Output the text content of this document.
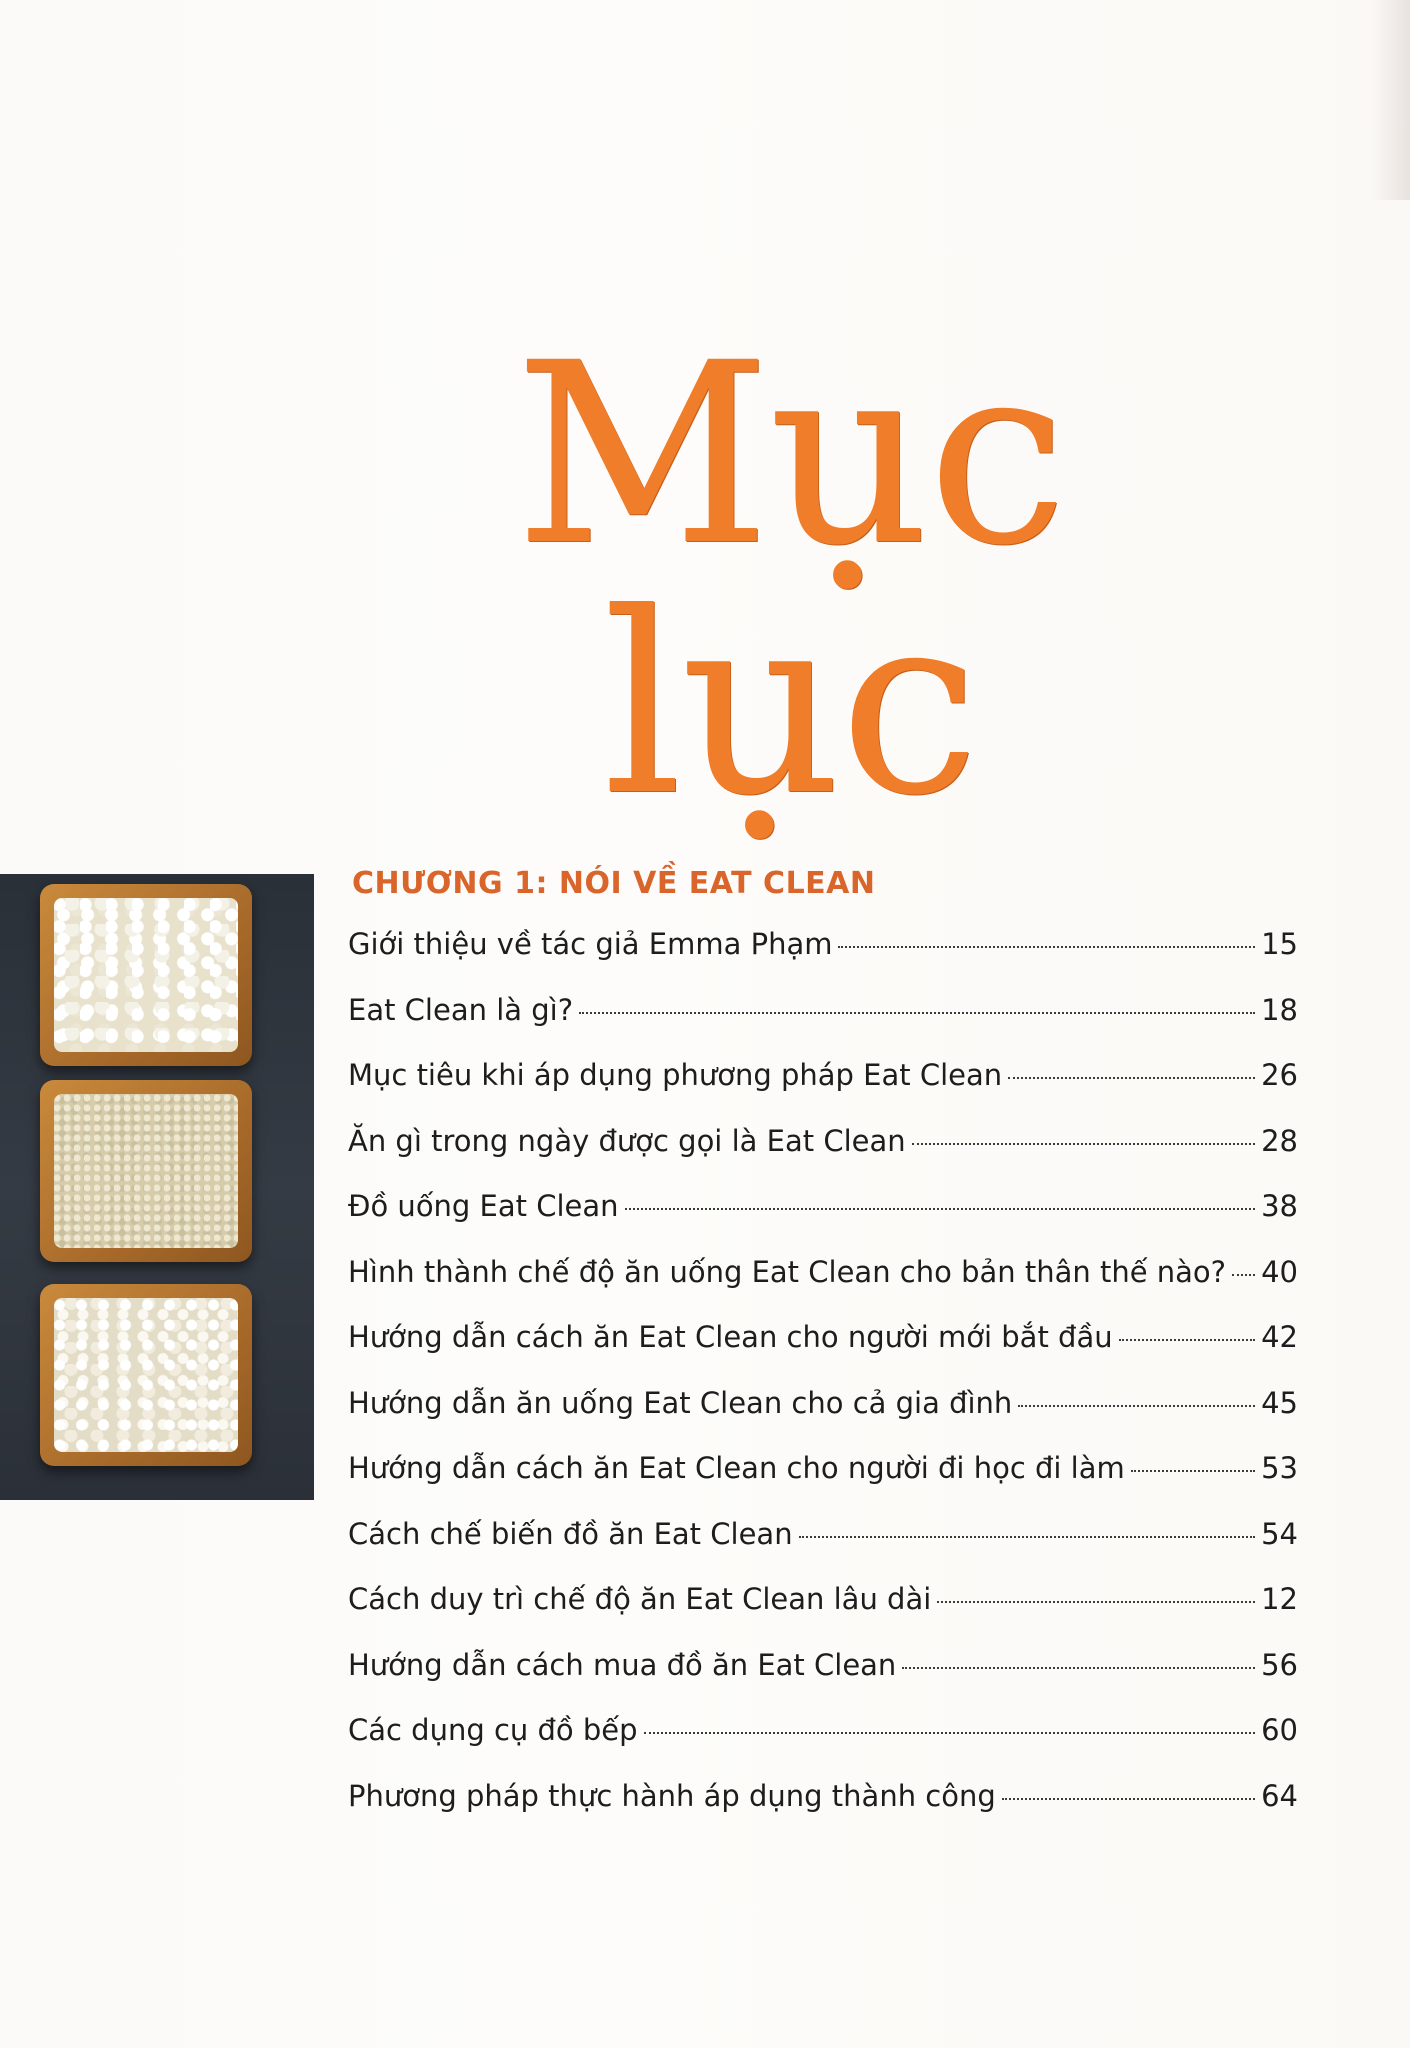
Mục lục
CHƯƠNG 1: NÓI VỀ EAT CLEAN
Giới thiệu về tác giả Emma Phạm	15
Eat Clean là gì?	18
Mục tiêu khi áp dụng phương pháp Eat Clean	26
Ăn gì trong ngày được gọi là Eat Clean	28
Đồ uống Eat Clean	38
Hình thành chế độ ăn uống Eat Clean cho bản thân thế nào? 40
Hướng dẫn cách ăn Eat Clean cho người mới bắt đầu	42
Hướng dẫn ăn uống Eat Clean cho cả gia đình	45
Hướng dẫn cách ăn Eat Clean cho người đi học đi làm	53
Cách chế biến đồ ăn Eat Clean	54
Cách duy trì chế độ ăn Eat Clean lâu dài	12
Hướng dẫn cách mua đồ ăn Eat Clean	56
Các dụng cụ đồ bếp	60
Phương pháp thực hành áp dụng thành công	64
